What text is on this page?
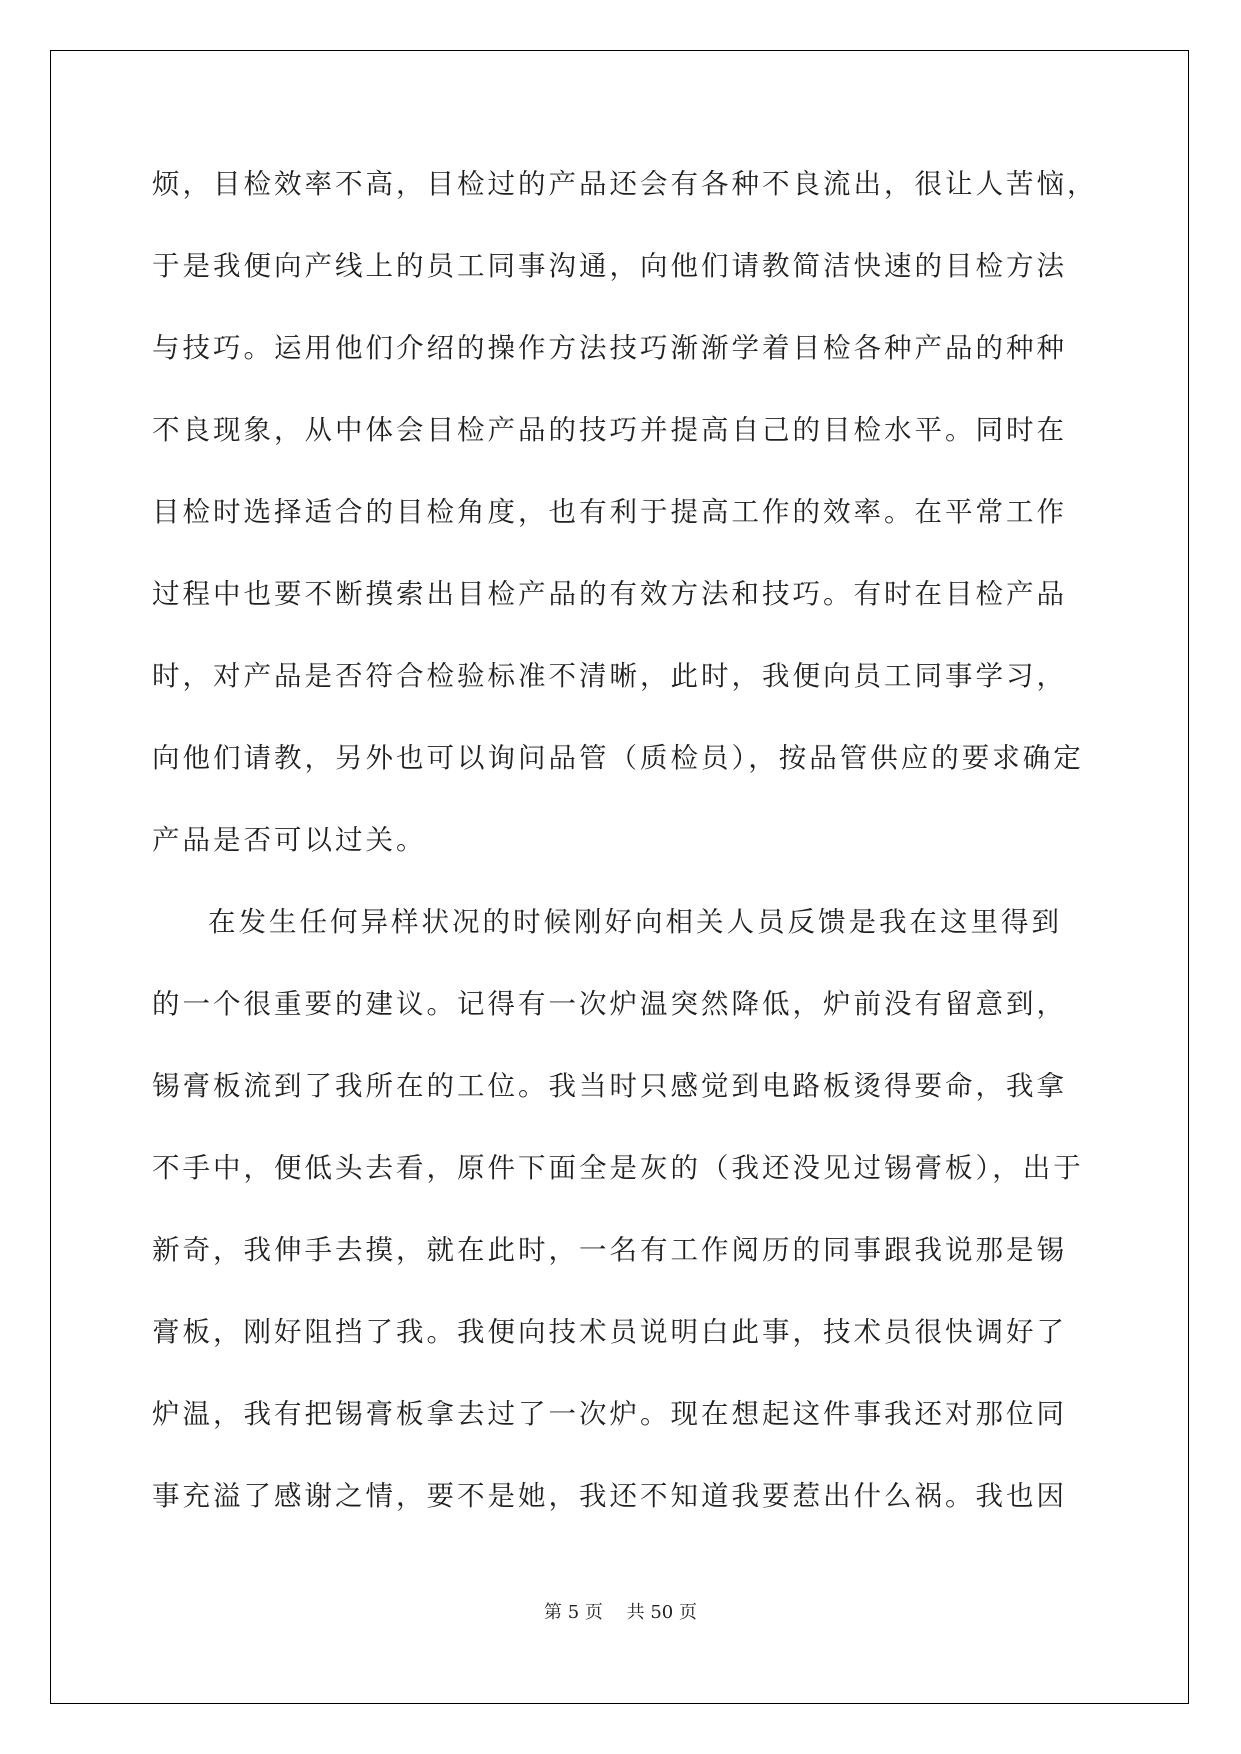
烦，目检效率不高，目检过的产品还会有各种不良流出，很让人苦恼，
于是我便向产线上的员工同事沟通，向他们请教简洁快速的目检方法
与技巧。运用他们介绍的操作方法技巧渐渐学着目检各种产品的种种
不良现象，从中体会目检产品的技巧并提高自己的目检水平。同时在
目检时选择适合的目检角度，也有利于提高工作的效率。在平常工作
过程中也要不断摸索出目检产品的有效方法和技巧。有时在目检产品
时，对产品是否符合检验标准不清晰，此时，我便向员工同事学习，
向他们请教，另外也可以询问品管（质检员），按品管供应的要求确定
产品是否可以过关。
在发生任何异样状况的时候刚好向相关人员反馈是我在这里得到
的一个很重要的建议。记得有一次炉温突然降低，炉前没有留意到，
锡膏板流到了我所在的工位。我当时只感觉到电路板烫得要命，我拿
不手中，便低头去看，原件下面全是灰的（我还没见过锡膏板），出于
新奇，我伸手去摸，就在此时，一名有工作阅历的同事跟我说那是锡
膏板，刚好阻挡了我。我便向技术员说明白此事，技术员很快调好了
炉温，我有把锡膏板拿去过了一次炉。现在想起这件事我还对那位同
事充溢了感谢之情，要不是她，我还不知道我要惹出什么祸。我也因
第 5 页　 共 50 页
